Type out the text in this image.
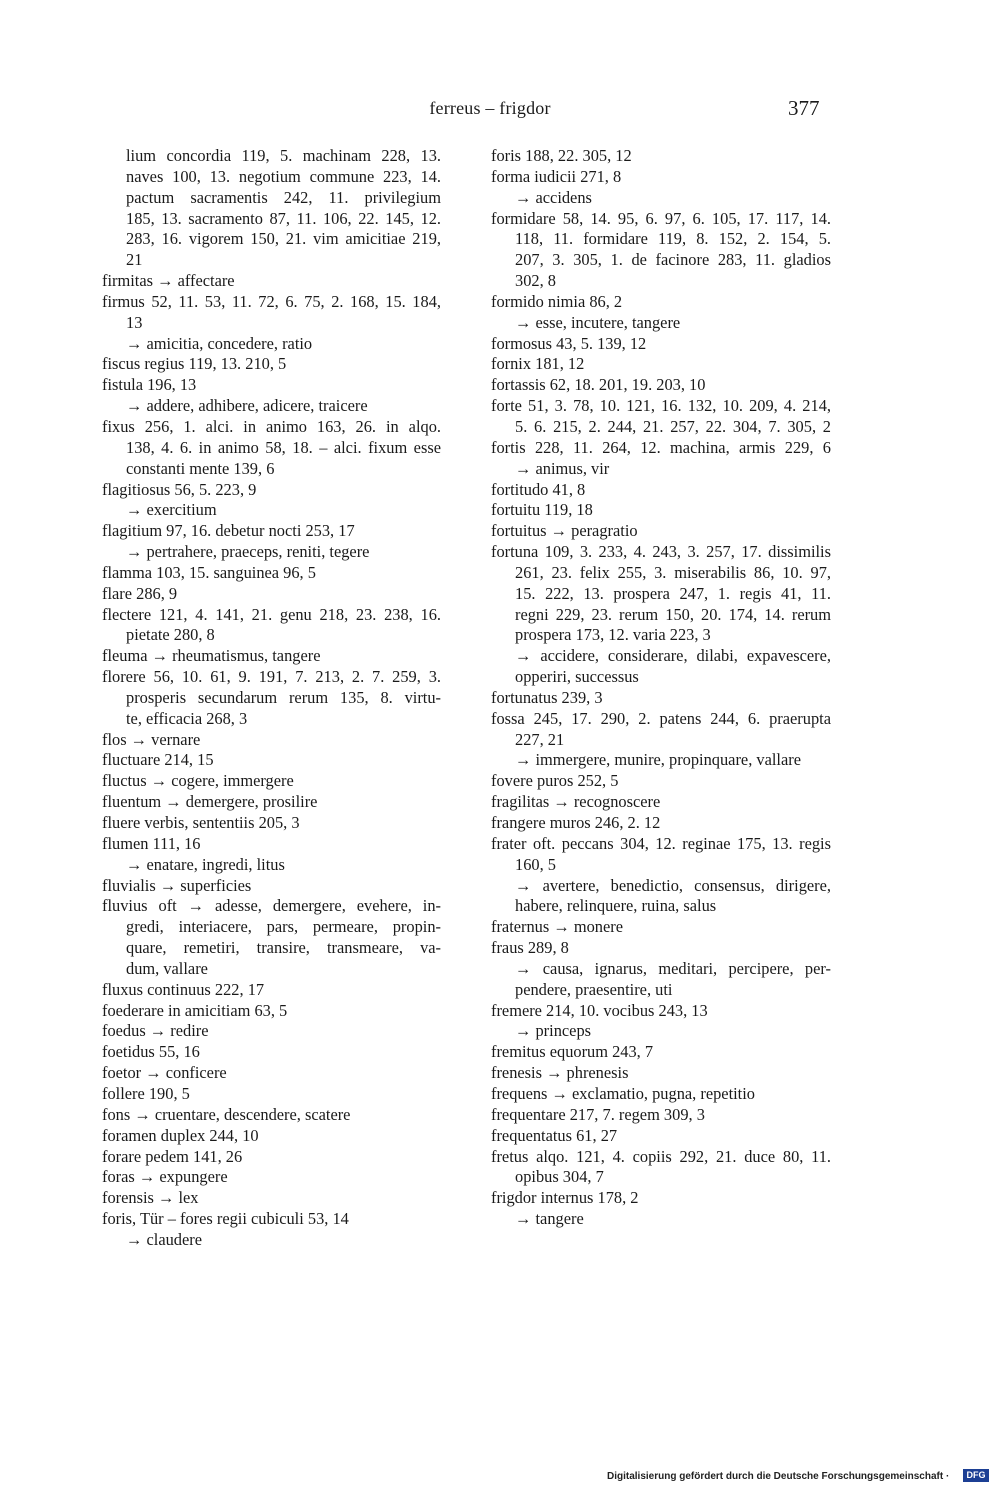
ferreus – frigdor	377
lium concordia 119, 5. machinam 228, 13.
naves 100, 13. negotium commune 223, 14.
pactum sacramentis 242, 11. privilegium
185, 13. sacramento 87, 11. 106, 22. 145, 12.
283, 16. vigorem 150, 21. vim amicitiae 219,
21
firmitas → affectare
firmus 52, 11. 53, 11. 72, 6. 75, 2. 168, 15. 184,
13
→ amicitia, concedere, ratio
fiscus regius 119, 13. 210, 5
fistula 196, 13
→ addere, adhibere, adicere, traicere
fixus 256, 1. alci. in animo 163, 26. in alqo.
138, 4. 6. in animo 58, 18. – alci. fixum esse
constanti mente 139, 6
flagitiosus 56, 5. 223, 9
→ exercitium
flagitium 97, 16. debetur nocti 253, 17
→ pertrahere, praeceps, reniti, tegere
flamma 103, 15. sanguinea 96, 5
flare 286, 9
flectere 121, 4. 141, 21. genu 218, 23. 238, 16.
pietate 280, 8
fleuma → rheumatismus, tangere
florere 56, 10. 61, 9. 191, 7. 213, 2. 7. 259, 3.
prosperis secundarum rerum 135, 8. virtu-
te, efficacia 268, 3
flos → vernare
fluctuare 214, 15
fluctus → cogere, immergere
fluentum → demergere, prosilire
fluere verbis, sententiis 205, 3
flumen 111, 16
→ enatare, ingredi, litus
fluvialis → superficies
fluvius oft → adesse, demergere, evehere, in-
gredi, interiacere, pars, permeare, propin-
quare, remetiri, transire, transmeare, va-
dum, vallare
fluxus continuus 222, 17
foederare in amicitiam 63, 5
foedus → redire
foetidus 55, 16
foetor → conficere
follere 190, 5
fons → cruentare, descendere, scatere
foramen duplex 244, 10
forare pedem 141, 26
foras → expungere
forensis → lex
foris, Tür – fores regii cubiculi 53, 14
→ claudere
foris 188, 22. 305, 12
forma iudicii 271, 8
→ accidens
formidare 58, 14. 95, 6. 97, 6. 105, 17. 117, 14.
118, 11. formidare 119, 8. 152, 2. 154, 5.
207, 3. 305, 1. de facinore 283, 11. gladios
302, 8
formido nimia 86, 2
→ esse, incutere, tangere
formosus 43, 5. 139, 12
fornix 181, 12
fortassis 62, 18. 201, 19. 203, 10
forte 51, 3. 78, 10. 121, 16. 132, 10. 209, 4. 214,
5. 6. 215, 2. 244, 21. 257, 22. 304, 7. 305, 2
fortis 228, 11. 264, 12. machina, armis 229, 6
→ animus, vir
fortitudo 41, 8
fortuitu 119, 18
fortuitus → peragratio
fortuna 109, 3. 233, 4. 243, 3. 257, 17. dissimilis
261, 23. felix 255, 3. miserabilis 86, 10. 97,
15. 222, 13. prospera 247, 1. regis 41, 11.
regni 229, 23. rerum 150, 20. 174, 14. rerum
prospera 173, 12. varia 223, 3
→ accidere, considerare, dilabi, expavescere,
opperiri, successus
fortunatus 239, 3
fossa 245, 17. 290, 2. patens 244, 6. praerupta
227, 21
→ immergere, munire, propinquare, vallare
fovere puros 252, 5
fragilitas → recognoscere
frangere muros 246, 2. 12
frater oft. peccans 304, 12. reginae 175, 13. regis
160, 5
→ avertere, benedictio, consensus, dirigere,
habere, relinquere, ruina, salus
fraternus → monere
fraus 289, 8
→ causa, ignarus, meditari, percipere, per-
pendere, praesentire, uti
fremere 214, 10. vocibus 243, 13
→ princeps
fremitus equorum 243, 7
frenesis → phrenesis
frequens → exclamatio, pugna, repetitio
frequentare 217, 7. regem 309, 3
frequentatus 61, 27
fretus alqo. 121, 4. copiis 292, 21. duce 80, 11.
opibus 304, 7
frigdor internus 178, 2
→ tangere
Digitalisierung gefördert durch die Deutsche Forschungsgemeinschaft ·	DFG
